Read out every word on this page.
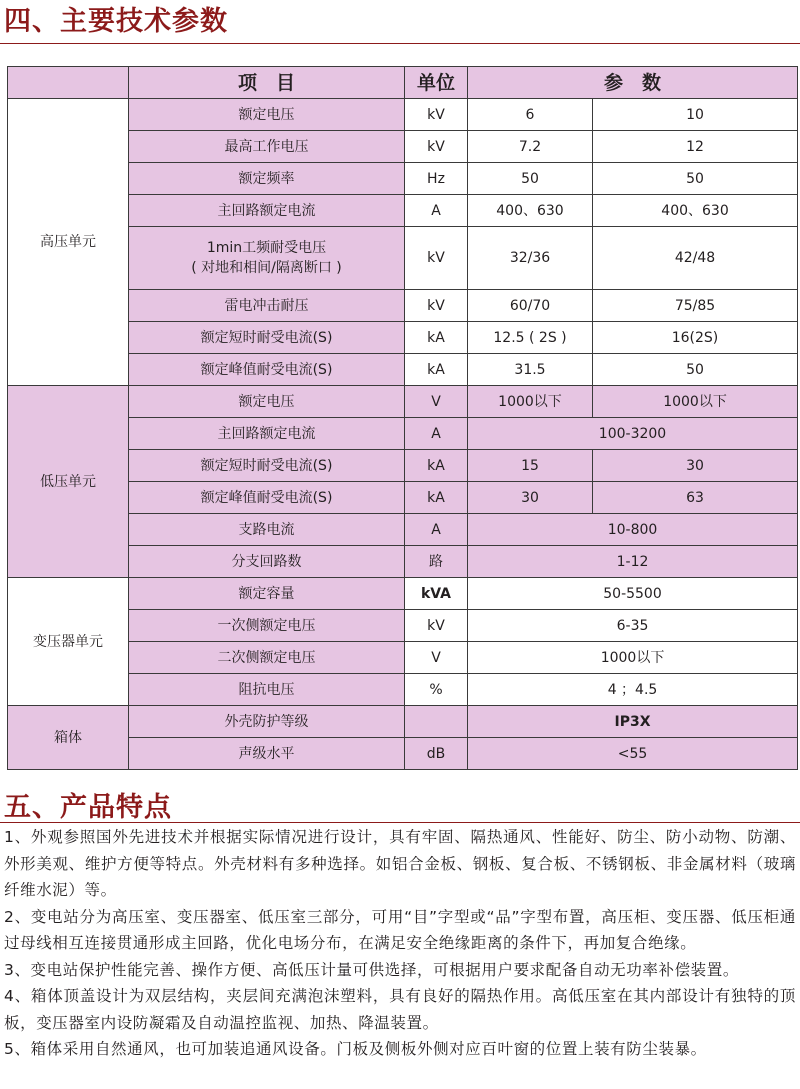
四、主要技术参数
	项　目	单位	参　数	
高压单元	额定电压	kV	6	10
	最高工作电压	kV	7.2	12
	额定频率	Hz	50	50
	主回路额定电流	A	400、630	400、630

	1min工频耐受电压
( 对地和相间/隔离断口 )	kV	32/36	42/48
	雷电冲击耐压	kV	60/70	75/85
	额定短时耐受电流(S)	kA	12.5 ( 2S )	16(2S)
	额定峰值耐受电流(S)	kA	31.5	50
低压单元	额定电压	V	1000以下	1000以下
	主回路额定电流	A	100-3200	
	额定短时耐受电流(S)	kA	15	30
	额定峰值耐受电流(S)	kA	30	63
	支路电流	A	10-800	
	分支回路数	路	1-12	
变压器单元	额定容量	kVA	50-5500	
	一次侧额定电压	kV	6-35	
	二次侧额定电压	V	1000以下	
	阻抗电压	%	4 ；4.5	
箱体	外壳防护等级		IP3X	
	声级水平	dB	<55	
五、产品特点

1、外观参照国外先进技术并根据实际情况进行设计，具有牢固、隔热通风、性能好、防尘、防小动物、防潮、外形美观、维护方便等特点。外壳材料有多种选择。如铝合金板、钢板、复合板、不锈钢板、非金属材料（玻璃纤维水泥）等。

2、变电站分为高压室、变压器室、低压室三部分，可用“目”字型或“品”字型布置，高压柜、变压器、低压柜通过母线相互连接贯通形成主回路，优化电场分布，在满足安全绝缘距离的条件下，再加复合绝缘。

3、变电站保护性能完善、操作方便、高低压计量可供选择，可根据用户要求配备自动无功率补偿装置。

4、箱体顶盖设计为双层结构，夹层间充满泡沫塑料，具有良好的隔热作用。高低压室在其内部设计有独特的顶板，变压器室内设防凝霜及自动温控监视、加热、降温装置。

5、箱体采用自然通风，也可加装追通风设备。门板及侧板外侧对应百叶窗的位置上装有防尘装暴。
